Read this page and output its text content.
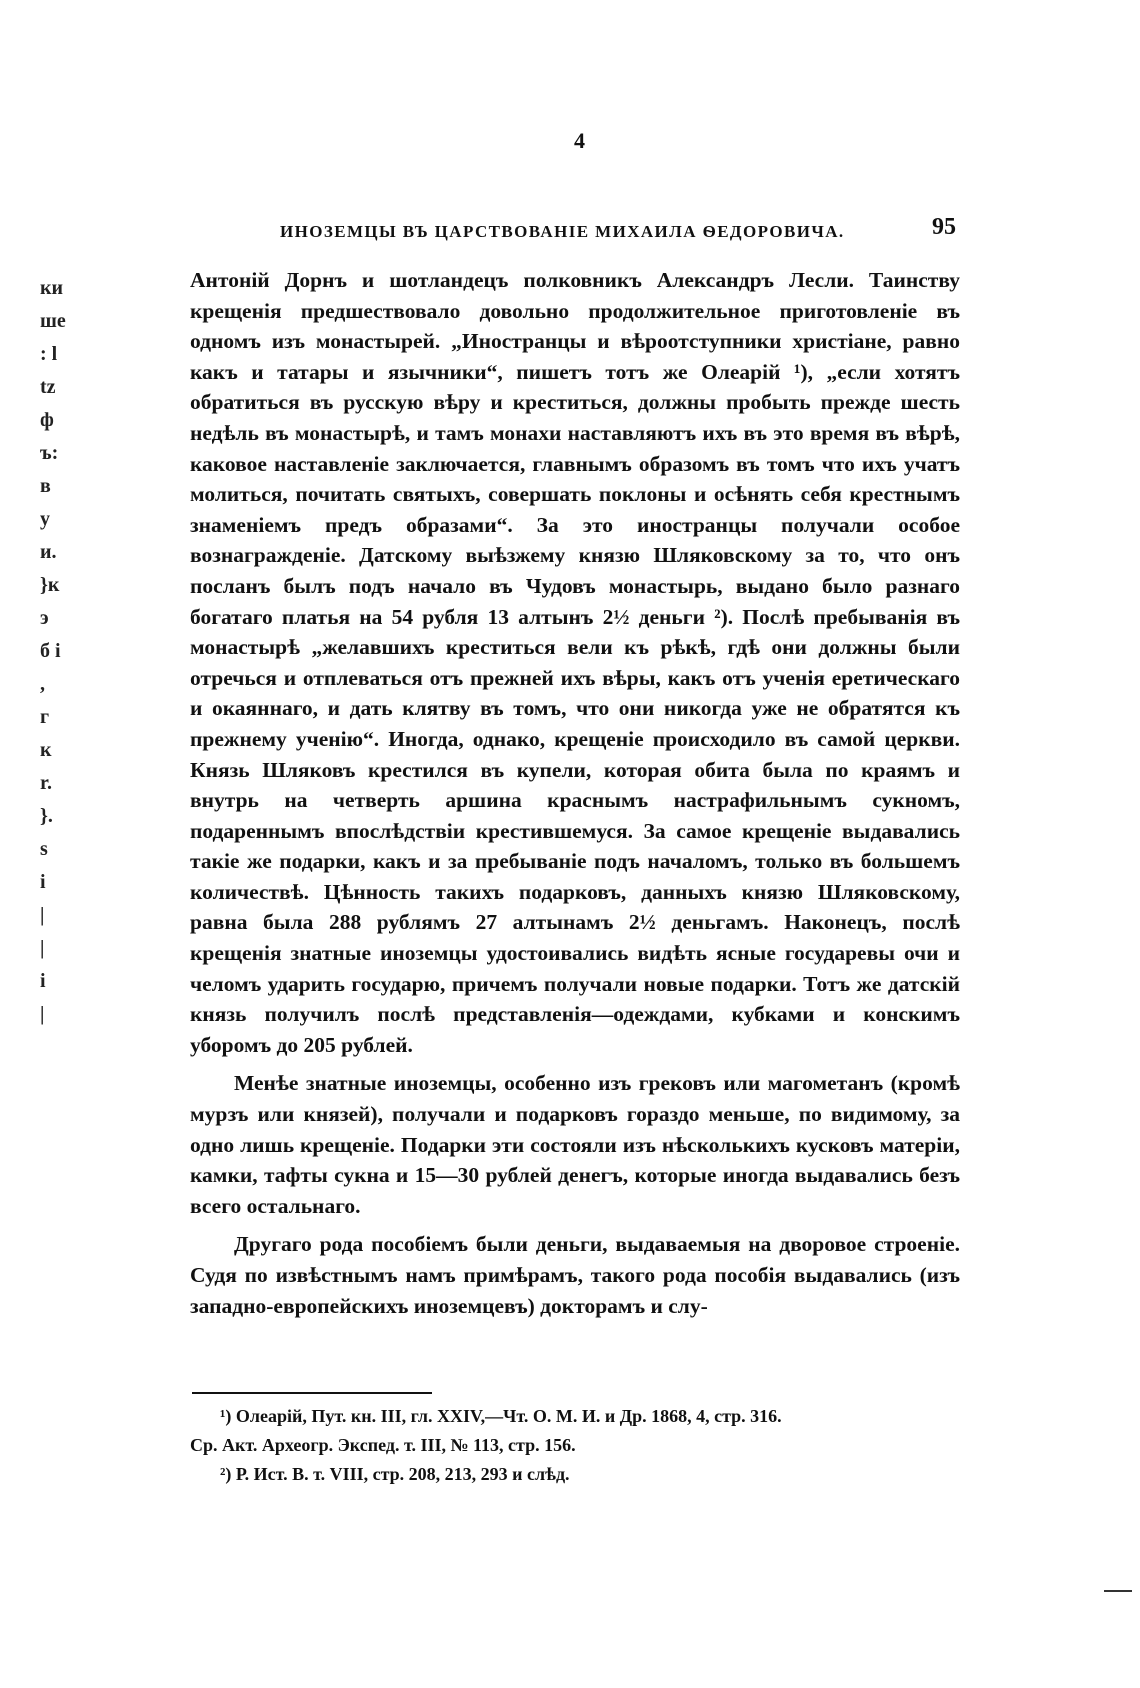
4
ИНОЗЕМЦЫ ВЪ ЦАРСТВОВАНІЕ МИХАИЛА ѲЕДОРОВИЧА.	95
ки
ше
: l
tz
ф
ъ:
в
у
и.
}к
э
б i
,
г
к
r.
}.
s
i
|
|
i
|

Антоній Дорнъ и шотландецъ полковникъ Александръ Лесли. Таинству крещенія предшествовало довольно продолжительное приготовленіе въ одномъ изъ монастырей. „Иностранцы и вѣроотступники христіане, равно какъ и татары и язычники“, пишетъ тотъ же Олеарій ¹), „если хотятъ обратиться въ русскую вѣру и креститься, должны пробыть прежде шесть недѣль въ монастырѣ, и тамъ монахи наставляютъ ихъ въ это время въ вѣрѣ, каковое наставленіе заключается, главнымъ образомъ въ томъ что ихъ учатъ молиться, почитать святыхъ, совершать поклоны и осѣнять себя крестнымъ знаменіемъ предъ образами“. За это иностранцы получали особое вознагражденіе. Датскому выѣзжему князю Шляковскому за то, что онъ посланъ былъ подъ начало въ Чудовъ монастырь, выдано было разнаго богатаго платья на 54 рубля 13 алтынъ 2½ деньги ²). Послѣ пребыванія въ монастырѣ „желавшихъ креститься вели къ рѣкѣ, гдѣ они должны были отречься и отплеваться отъ прежней ихъ вѣры, какъ отъ ученія еретическаго и окаяннаго, и дать клятву въ томъ, что они никогда уже не обратятся къ прежнему ученію“. Иногда, однако, крещеніе происходило въ самой церкви. Князь Шляковъ крестился въ купели, которая обита была по краямъ и внутрь на четверть аршина краснымъ настрафильнымъ сукномъ, подареннымъ впослѣдствіи крестившемуся. За самое крещеніе выдавались такіе же подарки, какъ и за пребываніе подъ началомъ, только въ большемъ количествѣ. Цѣнность такихъ подарковъ, данныхъ князю Шляковскому, равна была 288 рублямъ 27 алтынамъ 2½ деньгамъ. Наконецъ, послѣ крещенія знатные иноземцы удостоивались видѣть ясные государевы очи и челомъ ударить государю, причемъ получали новые подарки. Тотъ же датскій князь получилъ послѣ представленія—одеждами, кубками и конскимъ уборомъ до 205 рублей.

Менѣе знатные иноземцы, особенно изъ грековъ или магометанъ (кромѣ мурзъ или князей), получали и подарковъ гораздо меньше, по видимому, за одно лишь крещеніе. Подарки эти состояли изъ нѣсколькихъ кусковъ матеріи, камки, тафты сукна и 15—30 рублей денегъ, которые иногда выдавались безъ всего остальнаго.

Другаго рода пособіемъ были деньги, выдаваемыя на дворовое строеніе. Судя по извѣстнымъ намъ примѣрамъ, такого рода пособія выдавались (изъ западно-европейскихъ иноземцевъ) докторамъ и слу-

¹) Олеарій, Пут. кн. III, гл. XXIV,—Чт. О. М. И. и Др. 1868, 4, стр. 316.
Ср. Акт. Археогр. Экспед. т. III, № 113, стр. 156.
²) Р. Ист. В. т. VIII, стр. 208, 213, 293 и слѣд.
